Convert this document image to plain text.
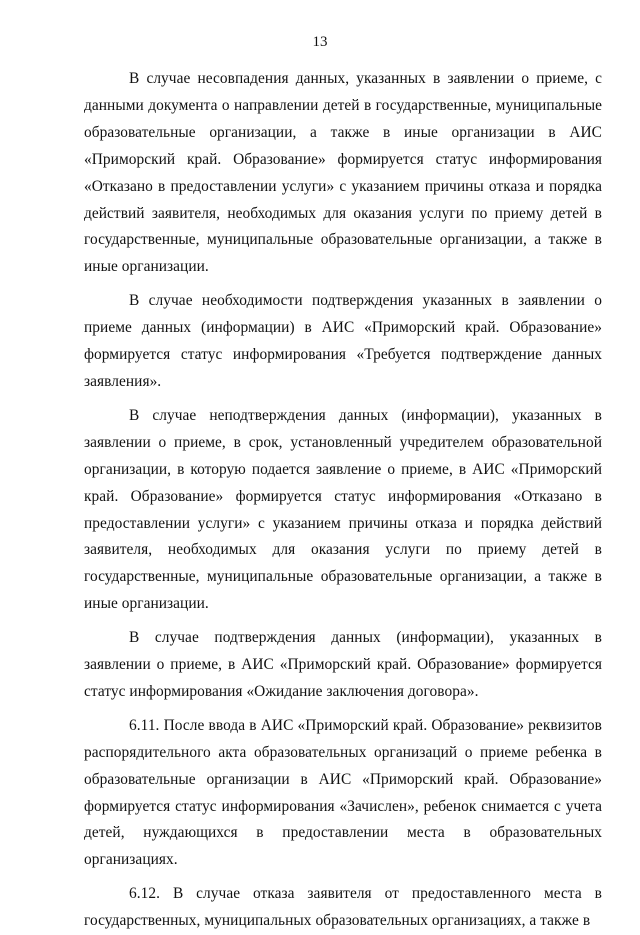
13

В случае несовпадения данных, указанных в заявлении о приеме, с данными документа о направлении детей в государственные, муниципальные образовательные организации, а также в иные организации в АИС «Приморский край. Образование» формируется статус информирования «Отказано в предоставлении услуги» с указанием причины отказа и порядка действий заявителя, необходимых для оказания услуги по приему детей в государственные, муниципальные образовательные организации, а также в иные организации.

В случае необходимости подтверждения указанных в заявлении о приеме данных (информации) в АИС «Приморский край. Образование» формируется статус информирования «Требуется подтверждение данных заявления».

В случае неподтверждения данных (информации), указанных в заявлении о приеме, в срок, установленный учредителем образовательной организации, в которую подается заявление о приеме, в АИС «Приморский край. Образование» формируется статус информирования «Отказано в предоставлении услуги» с указанием причины отказа и порядка действий заявителя, необходимых для оказания услуги по приему детей в государственные, муниципальные образовательные организации, а также в иные организации.

В случае подтверждения данных (информации), указанных в заявлении о приеме, в АИС «Приморский край. Образование» формируется статус информирования «Ожидание заключения договора».

6.11. После ввода в АИС «Приморский край. Образование» реквизитов распорядительного акта образовательных организаций о приеме ребенка в образовательные организации в АИС «Приморский край. Образование» формируется статус информирования «Зачислен», ребенок снимается с учета детей, нуждающихся в предоставлении места в образовательных организациях.

6.12. В случае отказа заявителя от предоставленного места в государственных, муниципальных образовательных организациях, а также в
